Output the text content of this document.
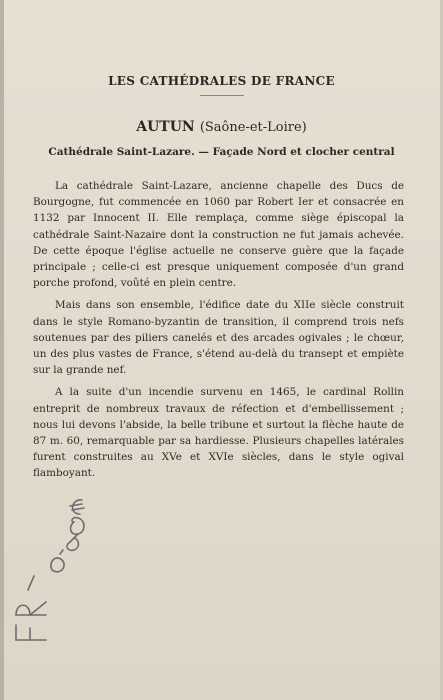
LES CATHÉDRALES DE FRANCE
AUTUN (Saône-et-Loire)
Cathédrale Saint-Lazare. — Façade Nord et clocher central

La cathédrale Saint-Lazare, ancienne chapelle des Ducs de Bourgogne, fut commencée en 1060 par Robert Ier et consacrée en 1132 par Innocent II. Elle remplaça, comme siège épiscopal la cathédrale Saint-Nazaire dont la construction ne fut jamais achevée. De cette époque l'église actuelle ne conserve guère que la façade principale ; celle-ci est presque uniquement composée d'un grand porche profond, voûté en plein centre.

Mais dans son ensemble, l'édifice date du XIIe siècle construit dans le style Romano-byzantin de transition, il comprend trois nefs soutenues par des piliers canelés et des arcades ogivales ; le chœur, un des plus vastes de France, s'étend au-delà du transept et empiète sur la grande nef.

A la suite d'un incendie survenu en 1465, le cardinal Rollin entreprit de nombreux travaux de réfection et d'embellissement ; nous lui devons l'abside, la belle tribune et surtout la flèche haute de 87 m. 60, remarquable par sa hardiesse. Plusieurs chapelles latérales furent construites au XVe et XVIe siècles, dans le style ogival flamboyant.
